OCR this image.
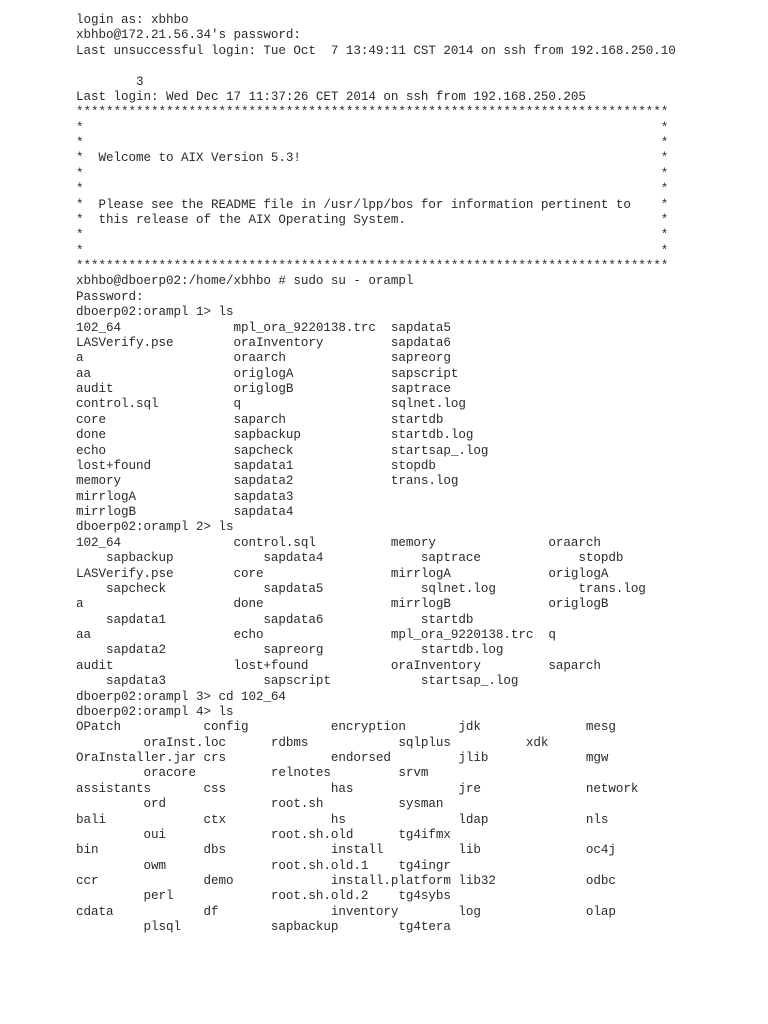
login as: xbhbo
xbhbo@172.21.56.34's password:
Last unsuccessful login: Tue Oct  7 13:49:11 CST 2014 on ssh from 192.168.250.10
3
Last login: Wed Dec 17 11:37:26 CET 2014 on ssh from 192.168.250.205
*******************************************************************************
*                                                                             *
*                                                                             *
*  Welcome to AIX Version 5.3!                                                *
*                                                                             *
*                                                                             *
*  Please see the README file in /usr/lpp/bos for information pertinent to    *
*  this release of the AIX Operating System.                                  *
*                                                                             *
*                                                                             *
*******************************************************************************
xbhbo@dboerp02:/home/xbhbo # sudo su - orampl
Password:
dboerp02:orampl 1> ls
102_64               mpl_ora_9220138.trc  sapdata5
LASVerify.pse        oraInventory         sapdata6
a                    oraarch              sapreorg
aa                   origlogA             sapscript
audit                origlogB             saptrace
control.sql          q                    sqlnet.log
core                 saparch              startdb
done                 sapbackup            startdb.log
echo                 sapcheck             startsap_.log
lost+found           sapdata1             stopdb
memory               sapdata2             trans.log
mirrlogA             sapdata3
mirrlogB             sapdata4
dboerp02:orampl 2> ls
102_64               control.sql          memory               oraarch
sapbackup            sapdata4             saptrace             stopdb
LASVerify.pse        core                 mirrlogA             origlogA
sapcheck             sapdata5             sqlnet.log           trans.log
a                    done                 mirrlogB             origlogB
sapdata1             sapdata6             startdb
aa                   echo                 mpl_ora_9220138.trc  q
sapdata2             sapreorg             startdb.log
audit                lost+found           oraInventory         saparch
sapdata3             sapscript            startsap_.log
dboerp02:orampl 3> cd 102_64
dboerp02:orampl 4> ls
OPatch           config           encryption       jdk              mesg
oraInst.loc      rdbms            sqlplus          xdk
OraInstaller.jar crs              endorsed         jlib             mgw
oracore          relnotes         srvm
assistants       css              has              jre              network
ord              root.sh          sysman
bali             ctx              hs               ldap             nls
oui              root.sh.old      tg4ifmx
bin              dbs              install          lib              oc4j
owm              root.sh.old.1    tg4ingr
ccr              demo             install.platform lib32            odbc
perl             root.sh.old.2    tg4sybs
cdata            df               inventory        log              olap
plsql            sapbackup        tg4tera
